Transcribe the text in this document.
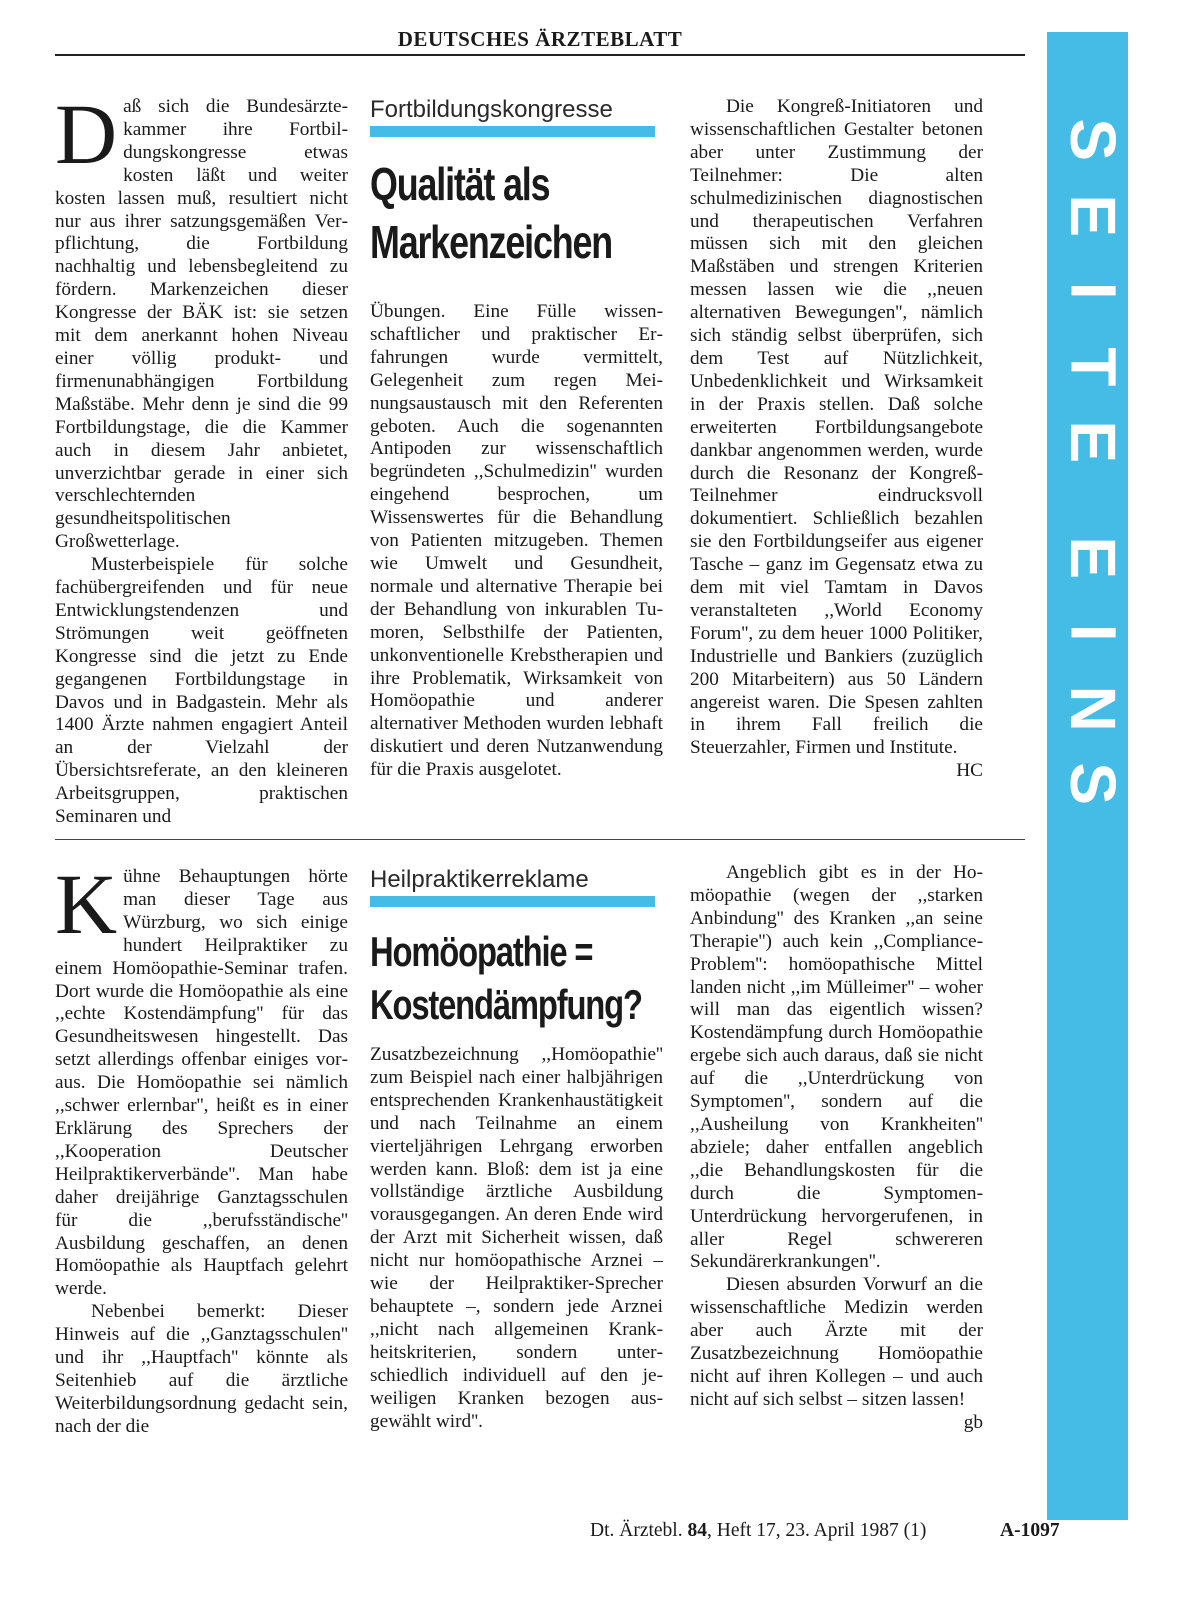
DEUTSCHES ÄRZTEBLATT
S
E
I
T
E
E
I
N
S

Daß sich die Bundesärztekammer ihre Fortbildungskongresse etwas kosten läßt und weiter kosten lassen muß, resultiert nicht nur aus ihrer satzungsgemäßen Verpflichtung, die Fortbildung nachhaltig und lebensbegleitend zu fördern. Markenzeichen dieser Kongresse der BÄK ist: sie setzen mit dem anerkannt hohen Niveau einer völlig produkt- und firmenunabhängigen Fortbildung Maßstäbe. Mehr denn je sind die 99 Fortbildungstage, die die Kammer auch in diesem Jahr anbietet, unverzichtbar gerade in einer sich verschlechternden gesundheitspolitischen Großwetterlage.

Musterbeispiele für solche fachübergreifenden und für neue Entwicklungstendenzen und Strömungen weit geöffneten Kongresse sind die jetzt zu Ende gegangenen Fortbildungstage in Davos und in Badgastein. Mehr als 1400 Ärzte nahmen engagiert Anteil an der Vielzahl der Übersichtsreferate, an den kleineren Arbeitsgruppen, praktischen Seminaren und

Fortbildungskongresse
Qualität als
Markenzeichen

Übungen. Eine Fülle wissenschaftlicher und praktischer Erfahrungen wurde vermittelt, Gelegenheit zum regen Meinungsaustausch mit den Referenten geboten. Auch die sogenannten Antipoden zur wissenschaftlich begründeten ,,Schulmedizin'' wurden eingehend besprochen, um Wissenswertes für die Behandlung von Patienten mitzugeben. Themen wie Umwelt und Gesundheit, normale und alternative Therapie bei der Behandlung von inkurablen Tumoren, Selbsthilfe der Patienten, unkonventionelle Krebstherapien und ihre Problematik, Wirksamkeit von Homöopathie und anderer alternativer Methoden wurden lebhaft diskutiert und deren Nutzanwendung für die Praxis ausgelotet.

Die Kongreß-Initiatoren und wissenschaftlichen Gestalter betonen aber unter Zustimmung der Teilnehmer: Die alten schulmedizinischen diagnostischen und therapeutischen Verfahren müssen sich mit den gleichen Maßstäben und strengen Kriterien messen lassen wie die ,,neuen alternativen Bewegungen'', nämlich sich ständig selbst überprüfen, sich dem Test auf Nützlichkeit, Unbedenklichkeit und Wirksamkeit in der Praxis stellen. Daß solche erweiterten Fortbildungsangebote dankbar angenommen werden, wurde durch die Resonanz der Kongreß-Teilnehmer eindrucksvoll dokumentiert. Schließlich bezahlen sie den Fortbildungseifer aus eigener Tasche – ganz im Gegensatz etwa zu dem mit viel Tamtam in Davos veranstalteten ,,World Economy Forum'', zu dem heuer 1000 Politiker, Industrielle und Bankiers (zuzüglich 200 Mitarbeitern) aus 50 Ländern angereist waren. Die Spesen zahlten in ihrem Fall freilich die Steuerzahler, Firmen und Institute.
HC

Kühne Behauptungen hörte man dieser Tage aus Würzburg, wo sich einige hundert Heilpraktiker zu einem Homöopathie-Seminar trafen. Dort wurde die Homöopathie als eine ,,echte Kostendämpfung'' für das Gesundheitswesen hingestellt. Das setzt allerdings offenbar einiges voraus. Die Homöopathie sei nämlich ,,schwer erlernbar'', heißt es in einer Erklärung des Sprechers der ,,Kooperation Deutscher Heilpraktikerverbände''. Man habe daher dreijährige Ganztagsschulen für die ,,berufsständische'' Ausbildung geschaffen, an denen Homöopathie als Hauptfach gelehrt werde.

Nebenbei bemerkt: Dieser Hinweis auf die ,,Ganztagsschulen'' und ihr ,,Hauptfach'' könnte als Seitenhieb auf die ärztliche Weiterbildungsordnung gedacht sein, nach der die

Heilpraktikerreklame
Homöopathie =
Kostendämpfung?

Zusatzbezeichnung ,,Homöopathie'' zum Beispiel nach einer halbjährigen entsprechenden Krankenhaustätigkeit und nach Teilnahme an einem vierteljährigen Lehrgang erworben werden kann. Bloß: dem ist ja eine vollständige ärztliche Ausbildung vorausgegangen. An deren Ende wird der Arzt mit Sicherheit wissen, daß nicht nur homöopathische Arznei – wie der Heilpraktiker-Sprecher behauptete –, sondern jede Arznei ,,nicht nach allgemeinen Krankheitskriterien, sondern unterschiedlich individuell auf den jeweiligen Kranken bezogen ausgewählt wird''.

Angeblich gibt es in der Homöopathie (wegen der ,,starken Anbindung'' des Kranken ,,an seine Therapie'') auch kein ,,Compliance-Problem'': homöopathische Mittel landen nicht ,,im Mülleimer'' – woher will man das eigentlich wissen? Kostendämpfung durch Homöopathie ergebe sich auch daraus, daß sie nicht auf die ,,Unterdrückung von Symptomen'', sondern auf die ,,Ausheilung von Krankheiten'' abziele; daher entfallen angeblich ,,die Behandlungskosten für die durch die Symptomen-Unterdrückung hervorgerufenen, in aller Regel schwereren Sekundärerkrankungen''.

Diesen absurden Vorwurf an die wissenschaftliche Medizin werden aber auch Ärzte mit der Zusatzbezeichnung Homöopathie nicht auf ihren Kollegen – und auch nicht auf sich selbst – sitzen lassen!
gb

Dt. Ärztebl. 84, Heft 17, 23. April 1987 (1)	A-1097
